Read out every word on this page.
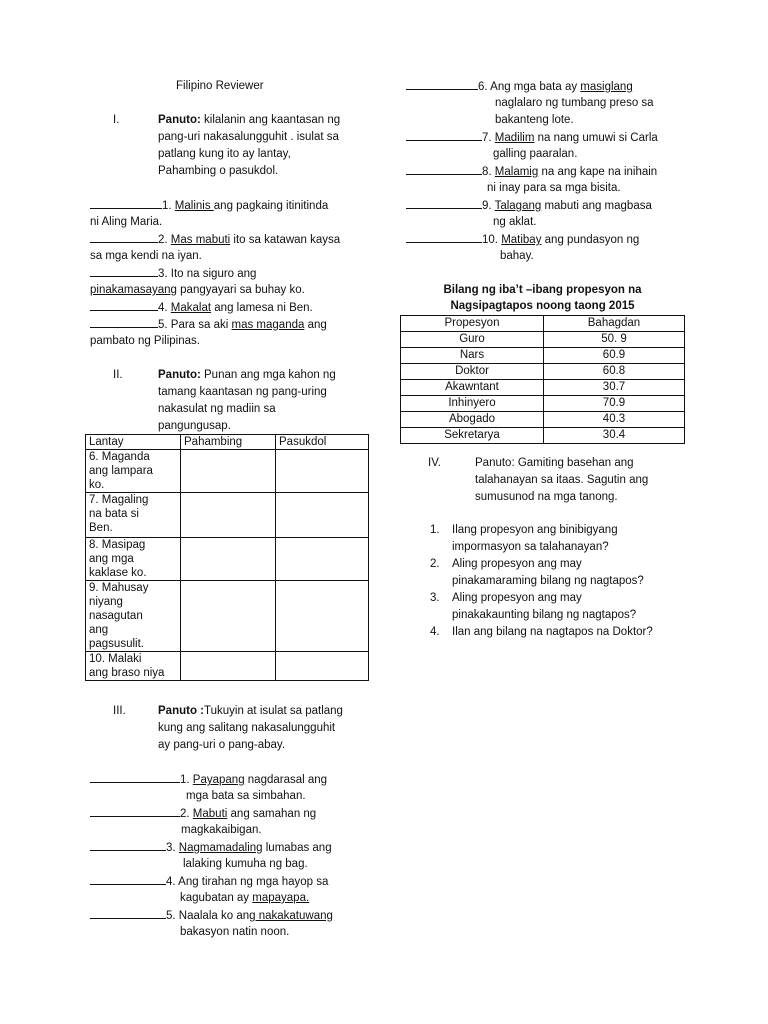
Filipino Reviewer
I.	Panuto: kilalanin ang kaantasan ng
pang-uri nakasalungguhit . isulat sa
patlang kung ito ay lantay,
Pahambing o pasukdol.
1. Malinis ang pagkaing itinitinda
ni Aling Maria.
2. Mas mabuti ito sa katawan kaysa
sa mga kendi na iyan.
3. Ito na siguro ang
pinakamasayang pangyayari sa buhay ko.
4. Makalat ang lamesa ni Ben.
5. Para sa aki mas maganda ang
pambato ng Pilipinas.
II.	Panuto: Punan ang mga kahon ng
tamang kaantasan ng pang-uring
nakasulat ng madiin sa
pangungusap.
Lantay	Pahambing	Pasukdol

6. Maganda
ang lampara
ko.		

7. Magaling
na bata si
Ben.		

8. Masipag
ang mga
kaklase ko.		

9. Mahusay
niyang
nasagutan
ang
pagsusulit.		

10. Malaki
ang braso niya		

III.	Panuto :Tukuyin at isulat sa patlang
kung ang salitang nakasalungguhit
ay pang-uri o pang-abay.
1. Payapang nagdarasal ang
mga bata sa simbahan.
2. Mabuti ang samahan ng
magkakaibigan.
3. Nagmamadaling lumabas ang
lalaking kumuha ng bag.
4. Ang tirahan ng mga hayop sa
kagubatan ay mapayapa.
5. Naalala ko ang nakakatuwang
bakasyon natin noon.
6. Ang mga bata ay masiglang
naglalaro ng tumbang preso sa
bakanteng lote.
7. Madilim na nang umuwi si Carla
galling paaralan.
8. Malamig na ang kape na inihain
ni inay para sa mga bisita.
9. Talagang mabuti ang magbasa
ng aklat.
10. Matibay ang pundasyon ng
bahay.
Bilang ng iba’t –ibang propesyon na
Nagsipagtapos noong taong 2015
Propesyon	Bahagdan
Guro	50. 9
Nars	60.9
Doktor	60.8
Akawntant	30.7
Inhinyero	70.9
Abogado	40.3
Sekretarya	30.4
IV.	Panuto: Gamiting basehan ang
talahanayan sa itaas. Sagutin ang
sumusunod na mga tanong.
1.	Ilang propesyon ang binibigyang
impormasyon sa talahanayan?
2.	Aling propesyon ang may
pinakamaraming bilang ng nagtapos?
3.	Aling propesyon ang may
pinakakaunting bilang ng nagtapos?
4.	Ilan ang bilang na nagtapos na Doktor?
